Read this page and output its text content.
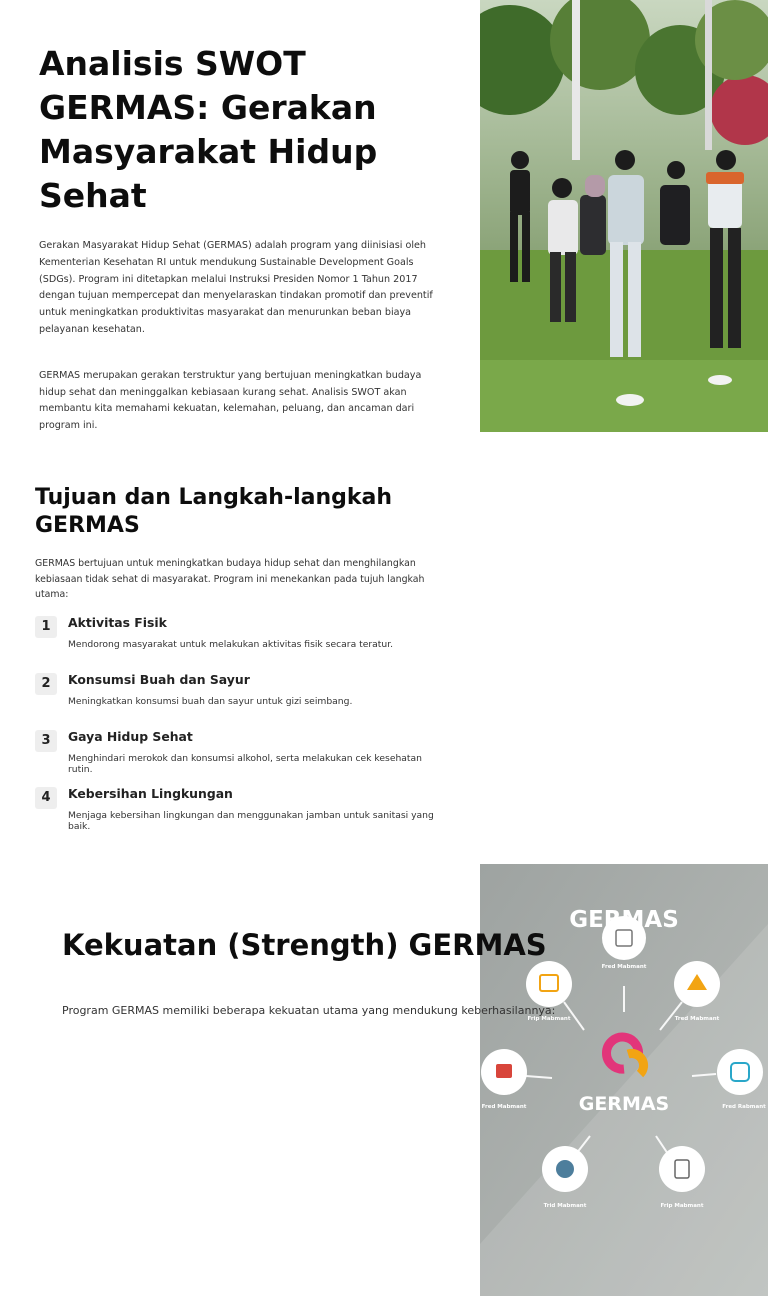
Analisis SWOT GERMAS: Gerakan Masyarakat Hidup Sehat

Gerakan Masyarakat Hidup Sehat (GERMAS) adalah program yang diinisiasi oleh Kementerian Kesehatan RI untuk mendukung Sustainable Development Goals (SDGs). Program ini ditetapkan melalui Instruksi Presiden Nomor 1 Tahun 2017 dengan tujuan mempercepat dan menyelaraskan tindakan promotif dan preventif untuk meningkatkan produktivitas masyarakat dan menurunkan beban biaya pelayanan kesehatan.

GERMAS merupakan gerakan terstruktur yang bertujuan meningkatkan budaya hidup sehat dan meninggalkan kebiasaan kurang sehat. Analisis SWOT akan membantu kita memahami kekuatan, kelemahan, peluang, dan ancaman dari program ini.

Tujuan dan Langkah-langkah GERMAS

GERMAS bertujuan untuk meningkatkan budaya hidup sehat dan menghilangkan kebiasaan tidak sehat di masyarakat. Program ini menekankan pada tujuh langkah utama:

1	Aktivitas Fisik
Mendorong masyarakat untuk melakukan aktivitas fisik secara teratur.
2	Konsumsi Buah dan Sayur
Meningkatkan konsumsi buah dan sayur untuk gizi seimbang.
3	Gaya Hidup Sehat
Menghindari merokok dan konsumsi alkohol, serta melakukan cek kesehatan rutin.
4	Kebersihan Lingkungan
Menjaga kebersihan lingkungan dan menggunakan jamban untuk sanitasi yang baik.
Fred Mabmant
Frip Mabmant	Tred Mabmant
Fred Mabmant	Fred Rabmant
Trid Mabmant	Frip Mabmant
GERMAS
GERMAS
Kekuatan (Strength) GERMAS

Program GERMAS memiliki beberapa kekuatan utama yang mendukung keberhasilannya:
